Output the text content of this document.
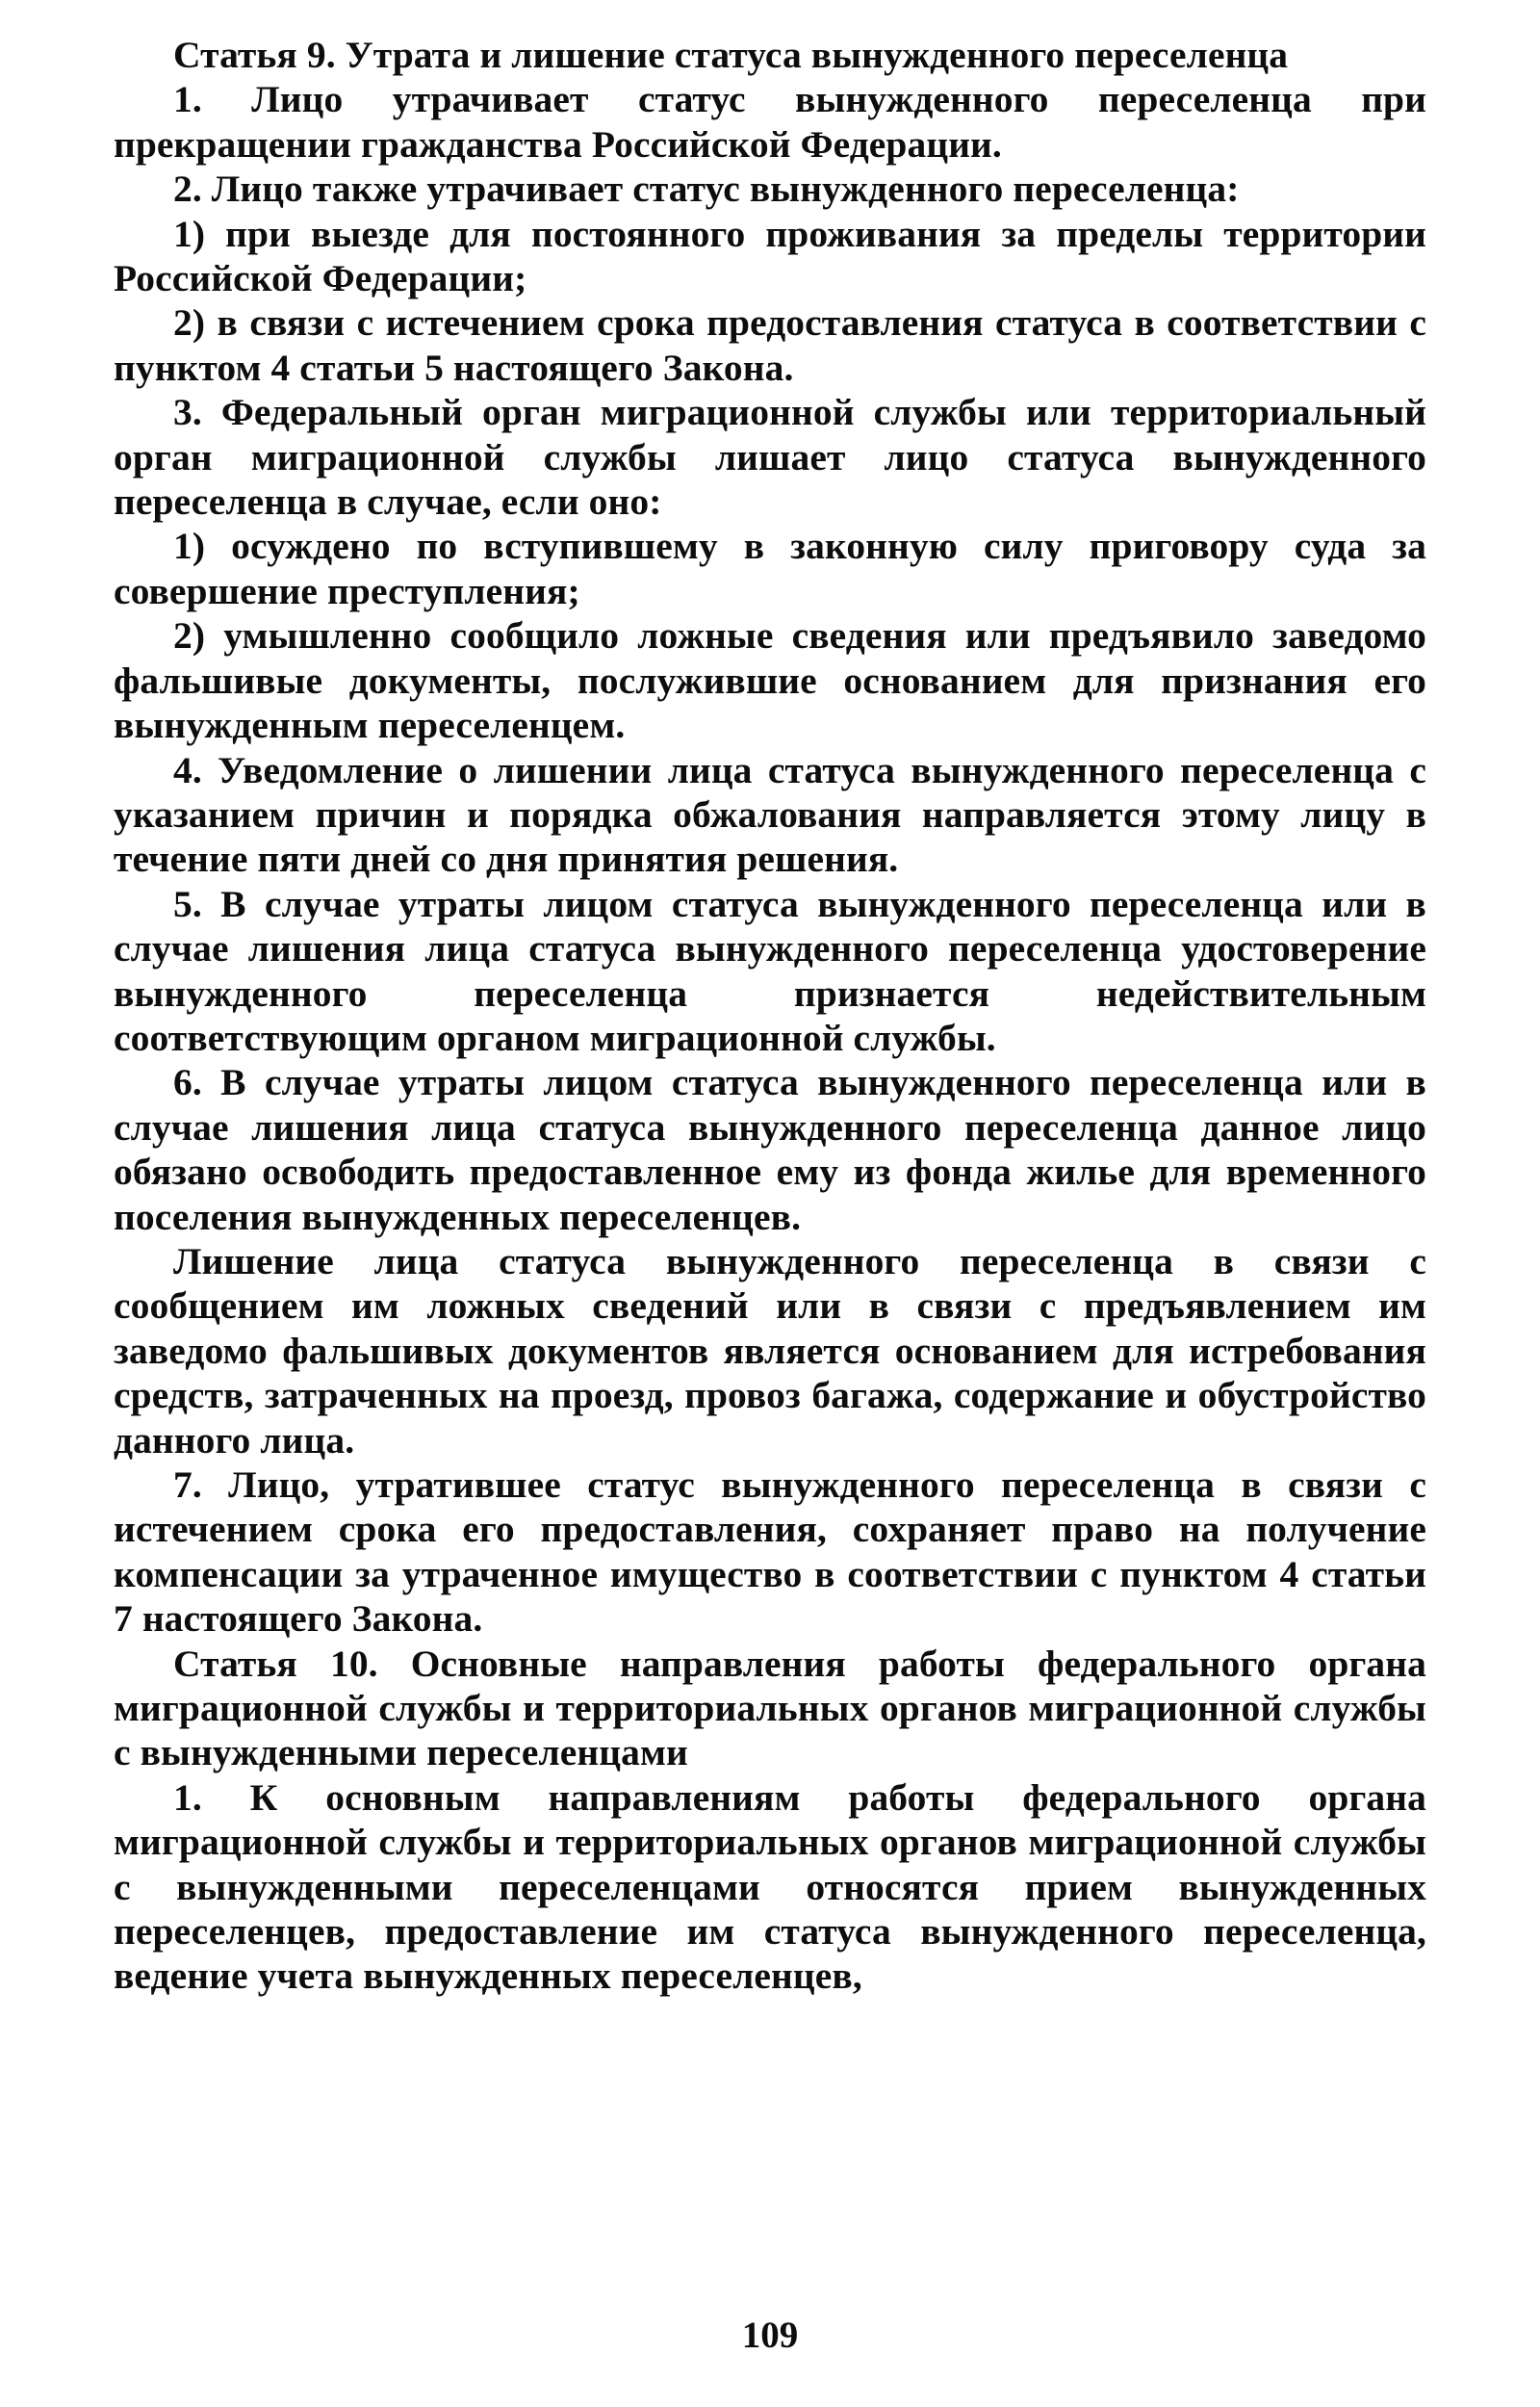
Статья 9. Утрата и лишение статуса вынужденного переселенца

1. Лицо утрачивает статус вынужденного переселенца при прекращении гражданства Российской Федерации.

2. Лицо также утрачивает статус вынужденного переселенца:

1) при выезде для постоянного проживания за пределы территории Российской Федерации;

2) в связи с истечением срока предоставления статуса в соответствии с пунктом 4 статьи 5 настоящего Закона.

3. Федеральный орган миграционной службы или территориальный орган миграционной службы лишает лицо статуса вынужденного переселенца в случае, если оно:

1) осуждено по вступившему в законную силу приговору суда за совершение преступления;

2) умышленно сообщило ложные сведения или предъявило заведомо фальшивые документы, послужившие основанием для признания его вынужденным переселенцем.

4. Уведомление о лишении лица статуса вынужденного переселенца с указанием причин и порядка обжалования направляется этому лицу в течение пяти дней со дня принятия решения.

5. В случае утраты лицом статуса вынужденного переселенца или в случае лишения лица статуса вынужденного переселенца удостоверение вынужденного переселенца признается недействительным соответствующим органом миграционной службы.

6. В случае утраты лицом статуса вынужденного переселенца или в случае лишения лица статуса вынужденного переселенца данное лицо обязано освободить предоставленное ему из фонда жилье для временного поселения вынужденных переселенцев.

Лишение лица статуса вынужденного переселенца в связи с сообщением им ложных сведений или в связи с предъявлением им заведомо фальшивых документов является основанием для истребования средств, затраченных на проезд, провоз багажа, содержание и обустройство данного лица.

7. Лицо, утратившее статус вынужденного переселенца в связи с истечением срока его предоставления, сохраняет право на получение компенсации за утраченное имущество в соответствии с пунктом 4 статьи 7 настоящего Закона.

Статья 10. Основные направления работы федерального органа миграционной службы и территориальных органов миграционной службы с вынужденными переселенцами

1. К основным направлениям работы федерального органа миграционной службы и территориальных органов миграционной службы с вынужденными переселенцами относятся прием вынужденных переселенцев, предоставление им статуса вынужденного переселенца, ведение учета вынужденных переселенцев,

109
